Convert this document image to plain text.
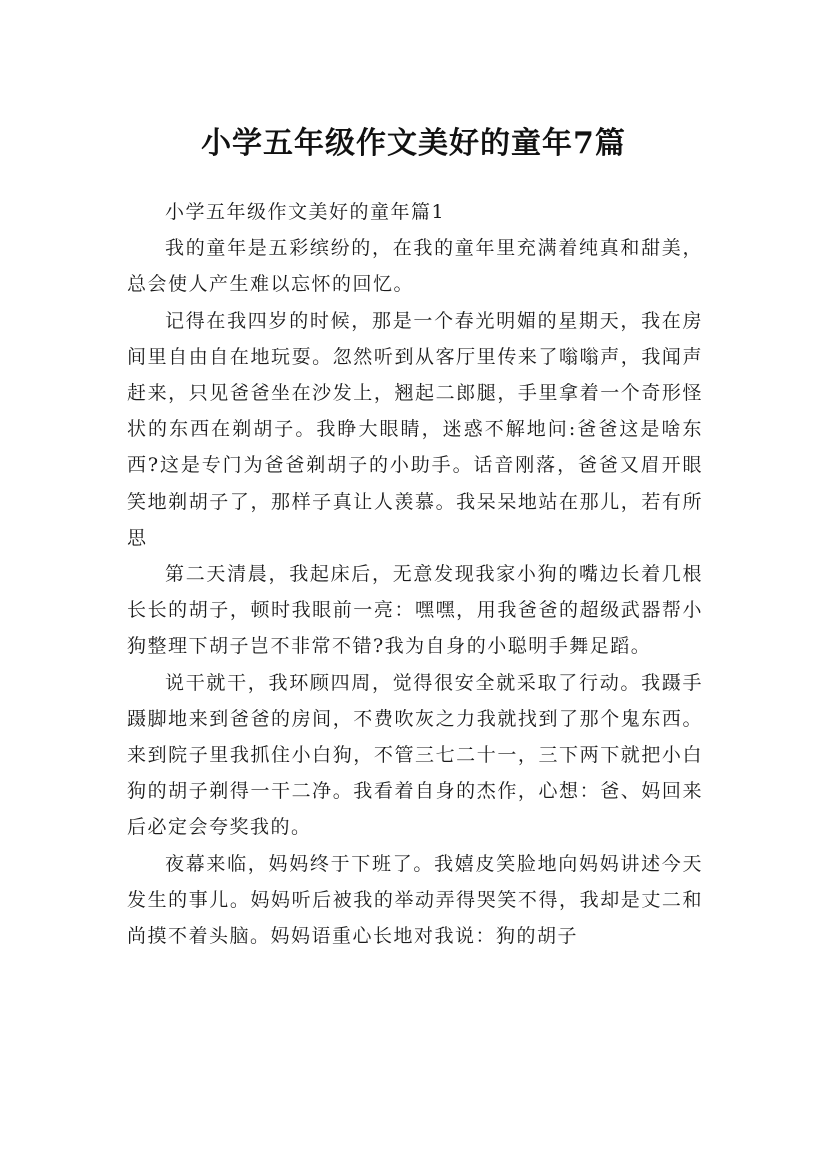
小学五年级作文美好的童年7篇

小学五年级作文美好的童年篇1

我的童年是五彩缤纷的，在我的童年里充满着纯真和甜美，总会使人产生难以忘怀的回忆。

记得在我四岁的时候，那是一个春光明媚的星期天，我在房间里自由自在地玩耍。忽然听到从客厅里传来了嗡嗡声，我闻声赶来，只见爸爸坐在沙发上，翘起二郎腿，手里拿着一个奇形怪状的东西在剃胡子。我睁大眼睛，迷惑不解地问:爸爸这是啥东西?这是专门为爸爸剃胡子的小助手。话音刚落，爸爸又眉开眼笑地剃胡子了，那样子真让人羡慕。我呆呆地站在那儿，若有所思

第二天清晨，我起床后，无意发现我家小狗的嘴边长着几根长长的胡子，顿时我眼前一亮：嘿嘿，用我爸爸的超级武器帮小狗整理下胡子岂不非常不错?我为自身的小聪明手舞足蹈。

说干就干，我环顾四周，觉得很安全就采取了行动。我蹑手蹑脚地来到爸爸的房间，不费吹灰之力我就找到了那个鬼东西。来到院子里我抓住小白狗，不管三七二十一，三下两下就把小白狗的胡子剃得一干二净。我看着自身的杰作，心想：爸、妈回来后必定会夸奖我的。

夜幕来临，妈妈终于下班了。我嬉皮笑脸地向妈妈讲述今天发生的事儿。妈妈听后被我的举动弄得哭笑不得，我却是丈二和尚摸不着头脑。妈妈语重心长地对我说：狗的胡子
